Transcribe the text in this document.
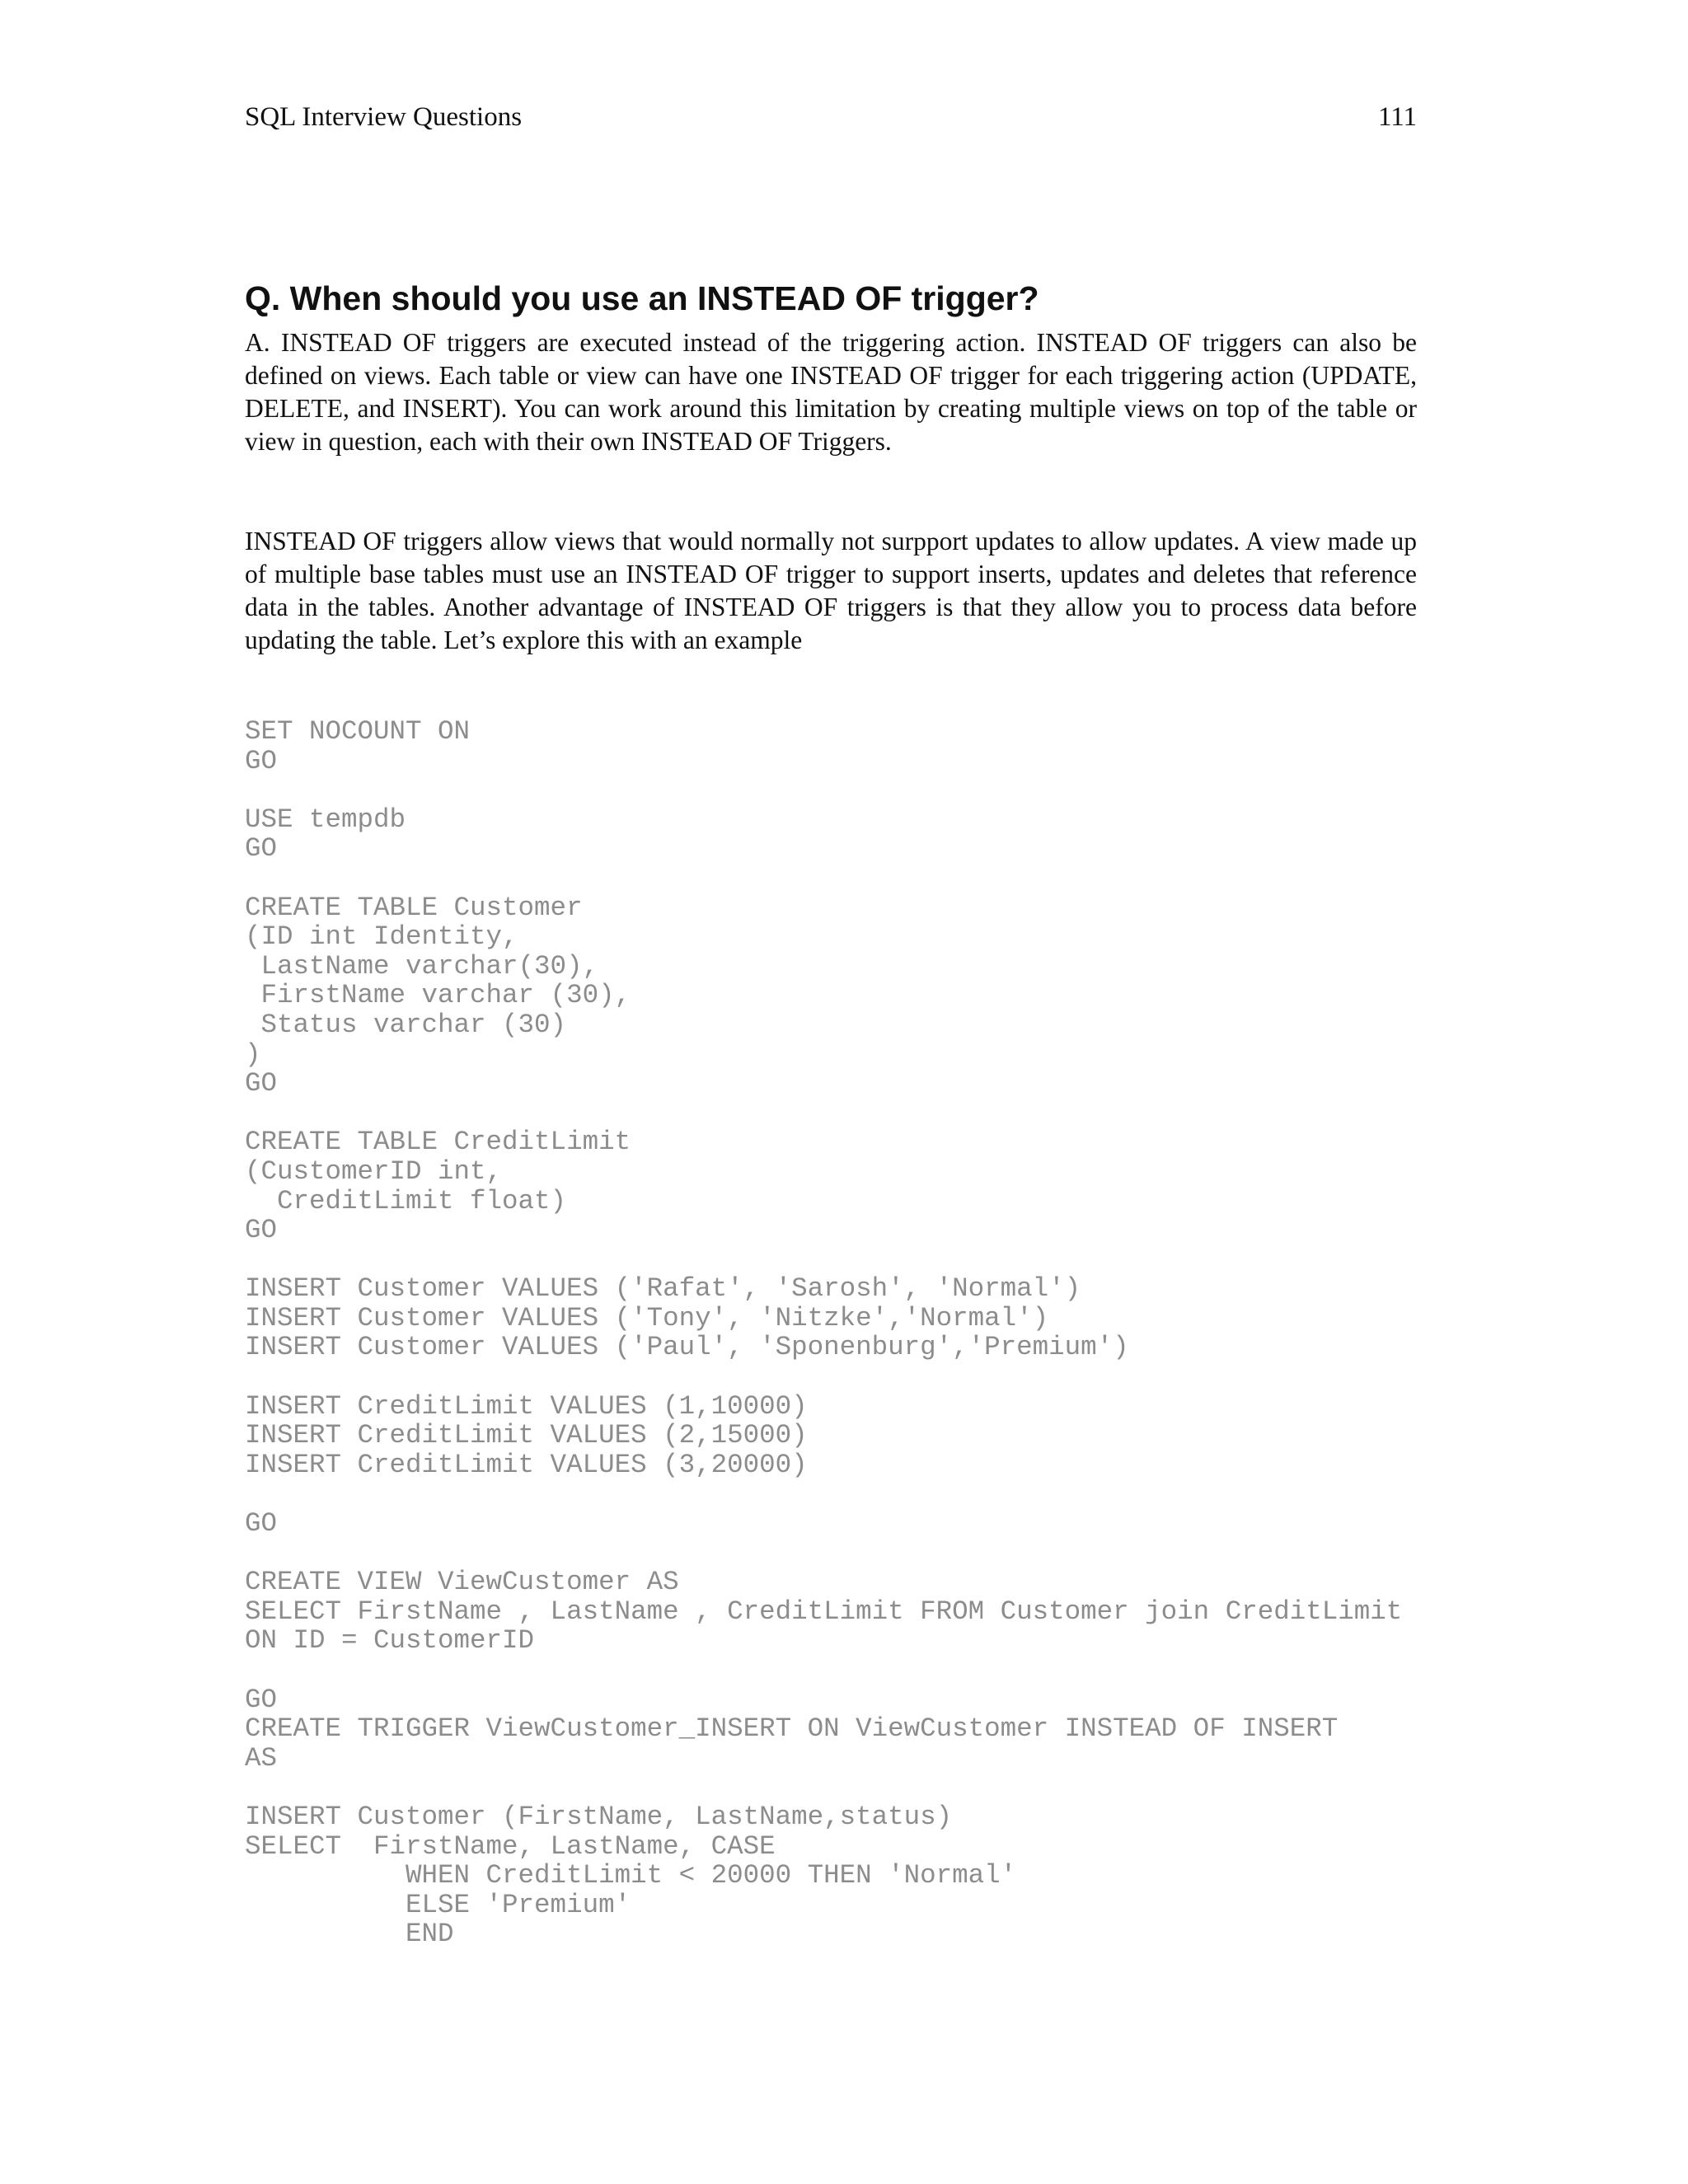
SQL Interview Questions	111
Q. When should you use an INSTEAD OF trigger?

A. INSTEAD OF triggers are executed instead of the triggering action. INSTEAD OF triggers can also be defined on views. Each table or view can have one INSTEAD OF trigger for each triggering action (UPDATE, DELETE, and INSERT). You can work around this limitation by creating multiple views on top of the table or view in question, each with their own INSTEAD OF Triggers.

INSTEAD OF triggers allow views that would normally not surpport updates to allow updates. A view made up of multiple base tables must use an INSTEAD OF trigger to support inserts, updates and deletes that reference data in the tables. Another advantage of INSTEAD OF triggers is that they allow you to process data before updating the table. Let’s explore this with an example

SET NOCOUNT ON
GO
USE tempdb
GO
CREATE TABLE Customer
(ID int Identity,
LastName varchar(30),
FirstName varchar (30),
Status varchar (30)
)
GO
CREATE TABLE CreditLimit
(CustomerID int,
CreditLimit float)
GO
INSERT Customer VALUES ('Rafat', 'Sarosh', 'Normal')
INSERT Customer VALUES ('Tony', 'Nitzke','Normal')
INSERT Customer VALUES ('Paul', 'Sponenburg','Premium')
INSERT CreditLimit VALUES (1,10000)
INSERT CreditLimit VALUES (2,15000)
INSERT CreditLimit VALUES (3,20000)
GO
CREATE VIEW ViewCustomer AS
SELECT FirstName , LastName , CreditLimit FROM Customer join CreditLimit
ON ID = CustomerID
GO
CREATE TRIGGER ViewCustomer_INSERT ON ViewCustomer INSTEAD OF INSERT
AS
INSERT Customer (FirstName, LastName,status)
SELECT  FirstName, LastName, CASE
WHEN CreditLimit < 20000 THEN 'Normal'
ELSE 'Premium'
END
